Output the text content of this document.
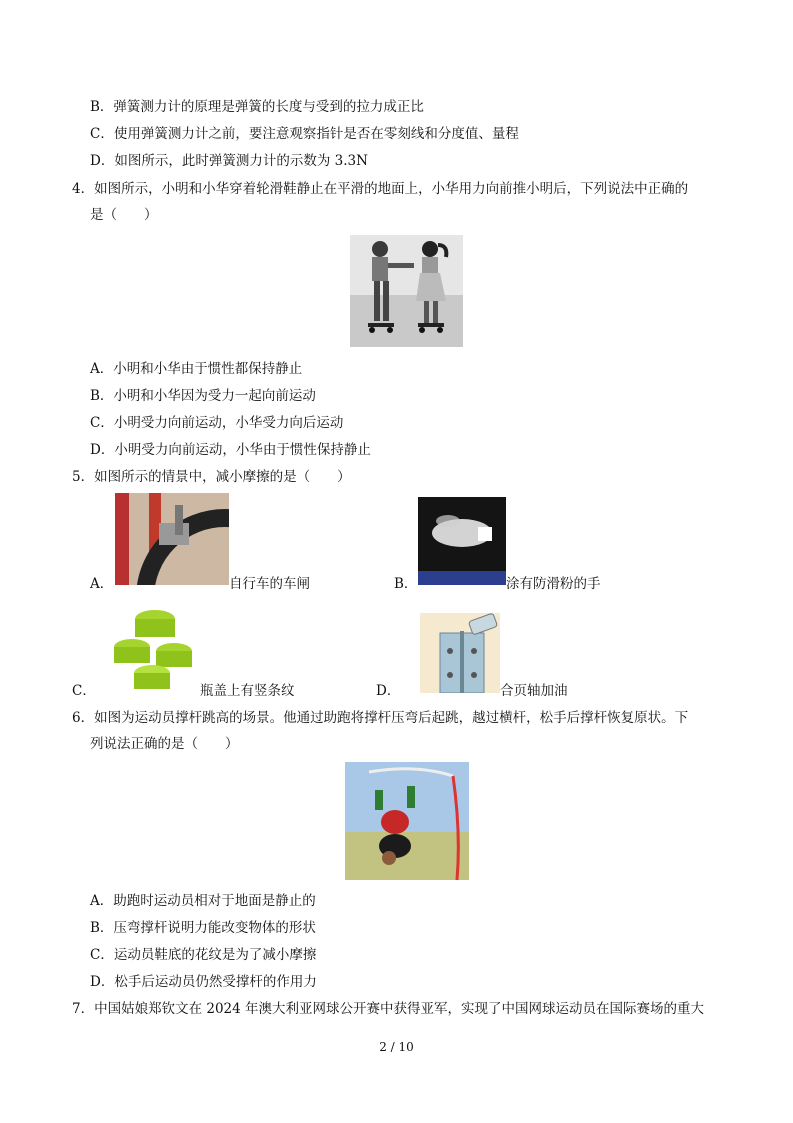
B．弹簧测力计的原理是弹簧的长度与受到的拉力成正比
C．使用弹簧测力计之前，要注意观察指针是否在零刻线和分度值、量程
D．如图所示，此时弹簧测力计的示数为 3.3N
4．如图所示，小明和小华穿着轮滑鞋静止在平滑的地面上，小华用力向前推小明后，下列说法中正确的
是（　　）
A．小明和小华由于惯性都保持静止
B．小明和小华因为受力一起向前运动
C．小明受力向前运动，小华受力向后运动
D．小明受力向前运动，小华由于惯性保持静止
5．如图所示的情景中，减小摩擦的是（　　）
A．	自行车的车闸	B．	涂有防滑粉的手
C．	瓶盖上有竖条纹	D．	合页轴加油
6．如图为运动员撑杆跳高的场景。他通过助跑将撑杆压弯后起跳，越过横杆，松手后撑杆恢复原状。下
列说法正确的是（　　）
A．助跑时运动员相对于地面是静止的
B．压弯撑杆说明力能改变物体的形状
C．运动员鞋底的花纹是为了减小摩擦
D．松手后运动员仍然受撑杆的作用力
7．中国姑娘郑钦文在 2024 年澳大利亚网球公开赛中获得亚军，实现了中国网球运动员在国际赛场的重大
2 / 10
